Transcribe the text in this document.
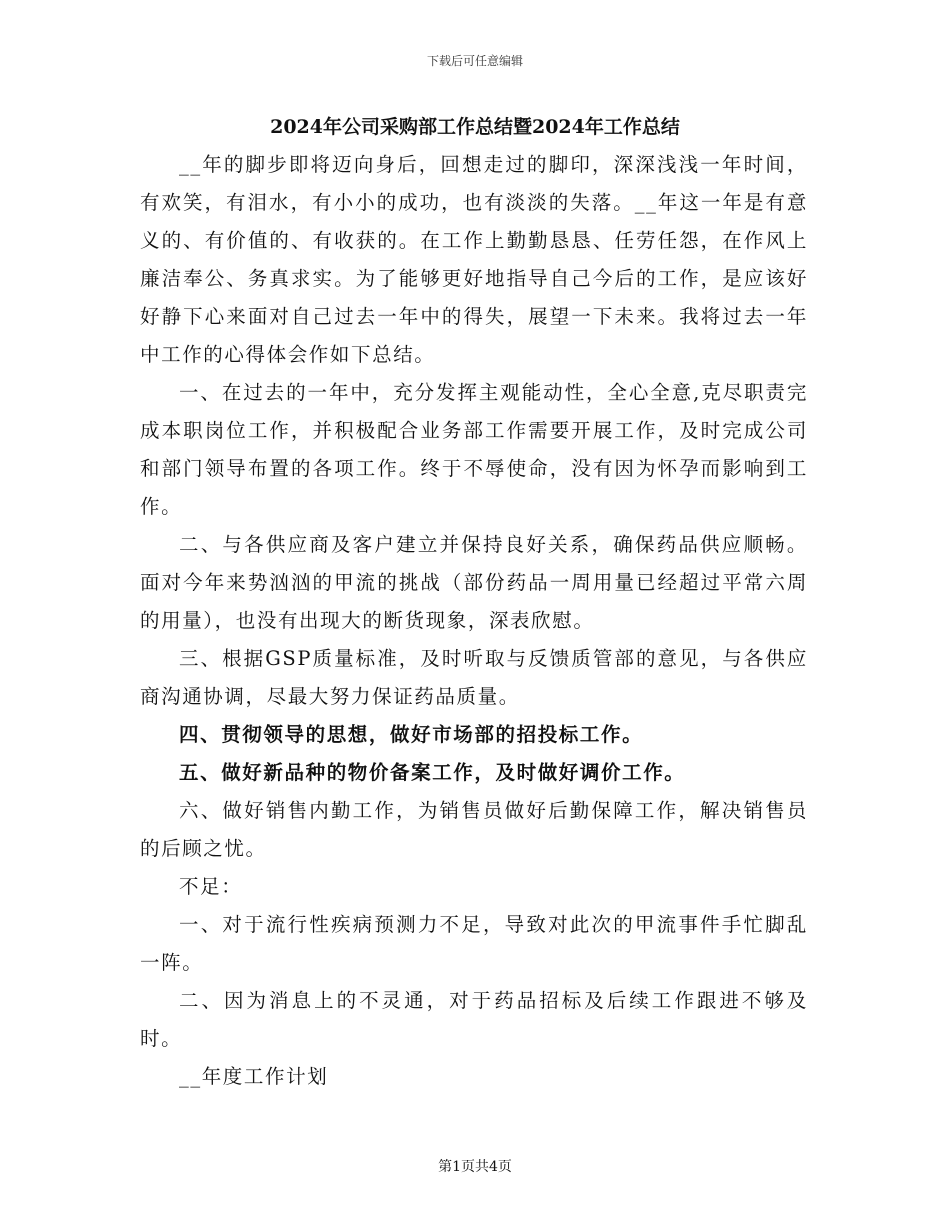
下载后可任意编辑
2024年公司采购部工作总结暨2024年工作总结

__年的脚步即将迈向身后，回想走过的脚印，深深浅浅一年时间，有欢笑，有泪水，有小小的成功，也有淡淡的失落。__年这一年是有意义的、有价值的、有收获的。在工作上勤勤恳恳、任劳任怨，在作风上廉洁奉公、务真求实。为了能够更好地指导自己今后的工作，是应该好好静下心来面对自己过去一年中的得失，展望一下未来。我将过去一年中工作的心得体会作如下总结。

一、在过去的一年中，充分发挥主观能动性，全心全意,克尽职责完成本职岗位工作，并积极配合业务部工作需要开展工作，及时完成公司和部门领导布置的各项工作。终于不辱使命，没有因为怀孕而影响到工作。

二、与各供应商及客户建立并保持良好关系，确保药品供应顺畅。面对今年来势汹汹的甲流的挑战（部份药品一周用量已经超过平常六周的用量），也没有出现大的断货现象，深表欣慰。

三、根据GSP质量标准，及时听取与反馈质管部的意见，与各供应商沟通协调，尽最大努力保证药品质量。

四、贯彻领导的思想，做好市场部的招投标工作。

五、做好新品种的物价备案工作，及时做好调价工作。

六、做好销售内勤工作，为销售员做好后勤保障工作，解决销售员的后顾之忧。

不足：

一、对于流行性疾病预测力不足，导致对此次的甲流事件手忙脚乱一阵。

二、因为消息上的不灵通，对于药品招标及后续工作跟进不够及时。

__年度工作计划

第1页共4页
